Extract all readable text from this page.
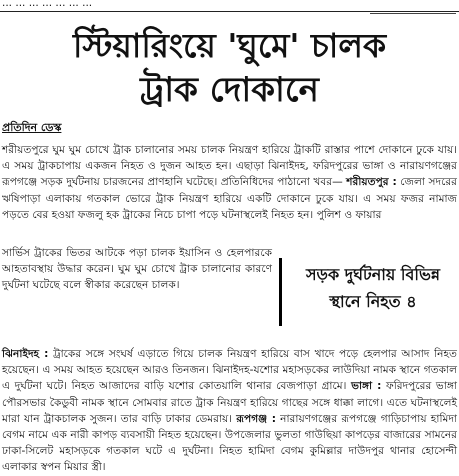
... ... ... ... ... ... ...
স্টিয়ারিংয়ে 'ঘুমে' চালক
ট্রাক দোকানে
প্রতিদিন ডেস্ক
শরীয়তপুরে ঘুম ঘুম চোখে ট্রাক চালানোর সময় চালক নিয়ন্ত্রণ হারিয়ে ট্রাকটি রাস্তার পাশে দোকানে ঢুকে যায়। এ সময় ট্রাকচাপায় একজন নিহত ও দুজন আহত হন। এছাড়া ঝিনাইদহ, ফরিদপুরের ভাঙ্গা ও নারায়ণগঞ্জের রূপগঞ্জে সড়ক দুর্ঘটনায় চারজনের প্রাণহানি ঘটেছে। প্রতিনিধিদের পাঠানো খবর— শরীয়তপুর : জেলা সদরের ঋষিপাড়া এলাকায় গতকাল ভোরে ট্রাক নিয়ন্ত্রণ হারিয়ে একটি দোকানে ঢুকে যায়। এ সময় ফজর নামাজ পড়তে বের হওয়া ফজলু হক ট্রাকের নিচে চাপা পড়ে ঘটনাস্থলেই নিহত হন। পুলিশ ও ফায়ার
সার্ভিস ট্রাকের ভিতর আটকে পড়া চালক ইয়াসিন ও হেলপারকে আহতাবস্থায় উদ্ধার করেন। ঘুম ঘুম চোখে ট্রাক চালানোর কারণে দুর্ঘটনা ঘটেছে বলে স্বীকার করেছেন চালক।
সড়ক দুর্ঘটনায় বিভিন্ন
স্থানে নিহত ৪
ঝিনাইদহ : ট্রাকের সঙ্গে সংঘর্ষ এড়াতে গিয়ে চালক নিয়ন্ত্রণ হারিয়ে বাস খাদে পড়ে হেলপার আসাদ নিহত হয়েছেন। এ সময় আহত হয়েছেন আরও তিনজন। ঝিনাইদহ-যশোর মহাসড়কের লাউদিয়া নামক স্থানে গতকাল এ দুর্ঘটনা ঘটে। নিহত আজাদের বাড়ি যশোর কোতয়ালি থানার বেজপাড়া গ্রামে। ভাঙ্গা : ফরিদপুরের ভাঙ্গা পৌরসভার কৈডুবী নামক স্থানে সোমবার রাতে ট্রাক নিয়ন্ত্রণ হারিয়ে গাছের সঙ্গে ধাক্কা লাগে। এতে ঘটনাস্থলেই মারা যান ট্রাকচালক সুজন। তার বাড়ি ঢাকার ডেমরায়। রূপগঞ্জ : নারায়ণগঞ্জের রূপগঞ্জে গাড়িচাপায় হামিদা বেগম নামে এক নারী কাপড় ব্যবসায়ী নিহত হয়েছেন। উপজেলার ভুলতা গাউছিয়া কাপড়ের বাজারের সামনের ঢাকা-সিলেট মহাসড়কে গতকাল ঘটে এ দুর্ঘটনা। নিহত হামিদা বেগম কুমিল্লার দাউদপুর থানার হোসেন্দী এলাকার স্বপন মিয়ার স্ত্রী।
